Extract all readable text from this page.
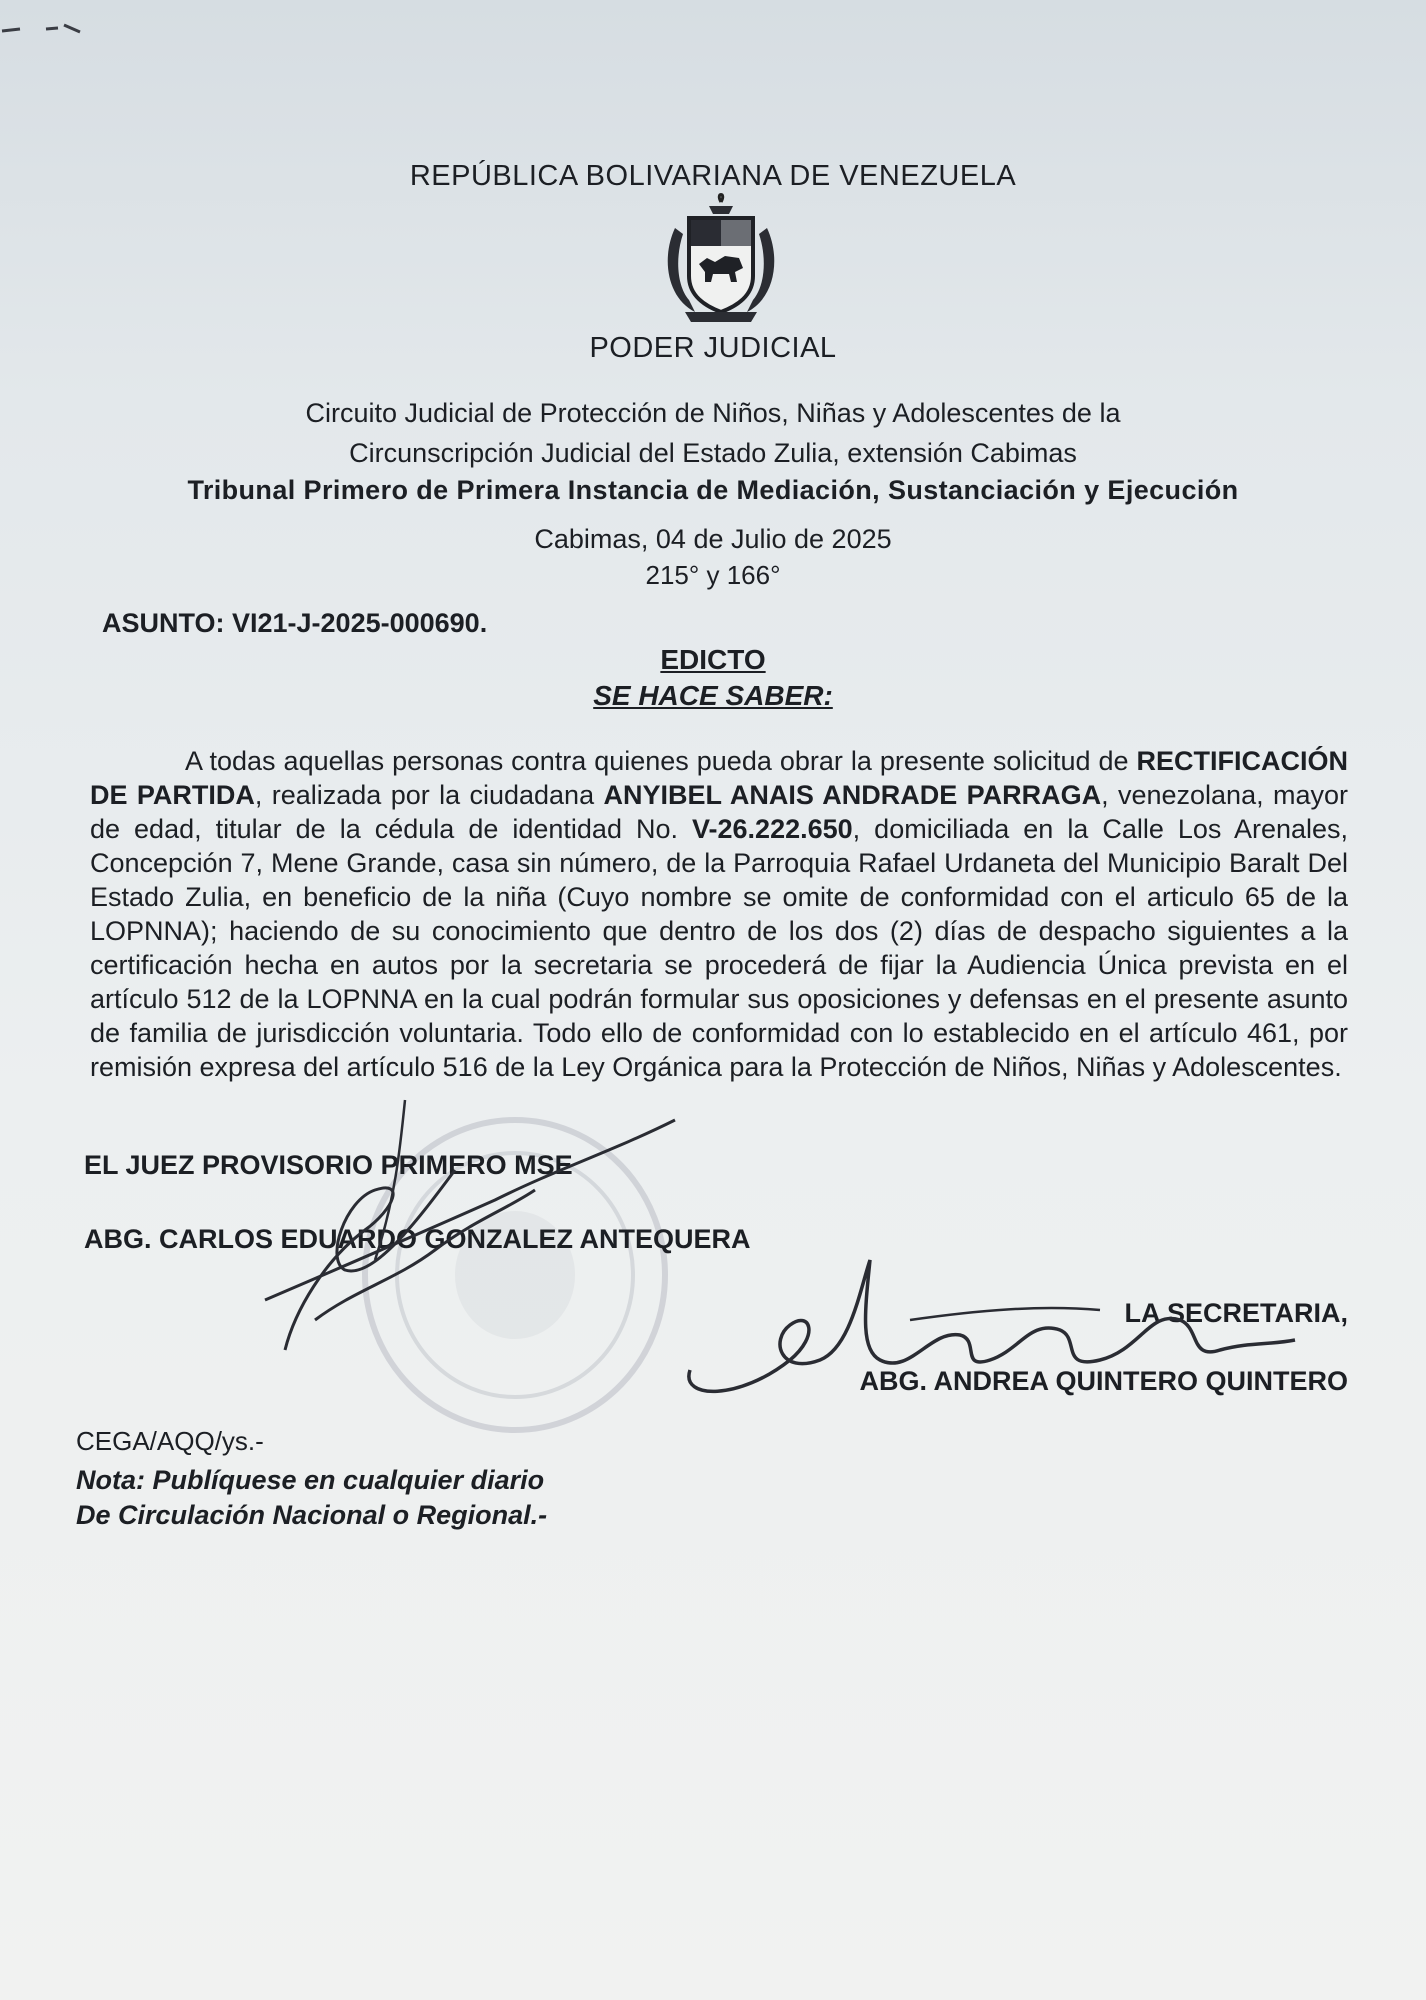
REPÚBLICA BOLIVARIANA DE VENEZUELA
PODER JUDICIAL
Circuito Judicial de Protección de Niños, Niñas y Adolescentes de la
Circunscripción Judicial del Estado Zulia, extensión Cabimas
Tribunal Primero de Primera Instancia de Mediación, Sustanciación y Ejecución
Cabimas, 04 de Julio de 2025
215° y 166°
ASUNTO: VI21-J-2025-000690.
EDICTO
SE HACE SABER:
A todas aquellas personas contra quienes pueda obrar la presente solicitud de RECTIFICACIÓN DE PARTIDA, realizada por la ciudadana ANYIBEL ANAIS ANDRADE PARRAGA, venezolana, mayor de edad, titular de la cédula de identidad No. V-26.222.650, domiciliada en la Calle Los Arenales, Concepción 7, Mene Grande, casa sin número, de la Parroquia Rafael Urdaneta del Municipio Baralt Del Estado Zulia, en beneficio de la niña (Cuyo nombre se omite de conformidad con el articulo 65 de la LOPNNA); haciendo de su conocimiento que dentro de los dos (2) días de despacho siguientes a la certificación hecha en autos por la secretaria se procederá de fijar la Audiencia Única prevista en el artículo 512 de la LOPNNA en la cual podrán formular sus oposiciones y defensas en el presente asunto de familia de jurisdicción voluntaria. Todo ello de conformidad con lo establecido en el artículo 461, por remisión expresa del artículo 516 de la Ley Orgánica para la Protección de Niños, Niñas y Adolescentes.
EL JUEZ PROVISORIO PRIMERO MSE
ABG. CARLOS EDUARDO GONZALEZ ANTEQUERA
LA SECRETARIA,
ABG. ANDREA QUINTERO QUINTERO
CEGA/AQQ/ys.-
Nota: Publíquese en cualquier diario
De Circulación Nacional o Regional.-
